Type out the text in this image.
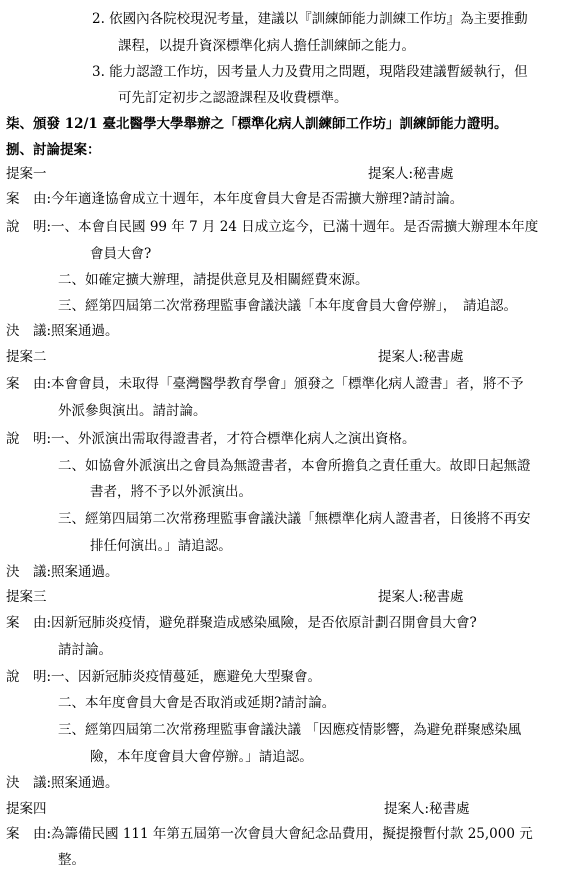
2. 依國內各院校現況考量，建議以『訓練師能力訓練工作坊』為主要推動
課程，以提升資深標準化病人擔任訓練師之能力。
3. 能力認證工作坊，因考量人力及費用之問題，現階段建議暫緩執行，但
可先訂定初步之認證課程及收費標準。
柒、頒發 12/1 臺北醫學大學舉辦之「標準化病人訓練師工作坊」訓練師能力證明。
捌、討論提案：
提案一	提案人:秘書處
案　由:今年適逢協會成立十週年，本年度會員大會是否需擴大辦理?請討論。
說　明:一、本會自民國 99 年 7 月 24 日成立迄今，已滿十週年。是否需擴大辦理本年度
會員大會?
二、如確定擴大辦理，請提供意見及相關經費來源。
三、經第四屆第二次常務理監事會議決議「本年度會員大會停辦」，　請追認。
決　議:照案通過。
提案二	提案人:秘書處
案　由:本會會員，未取得「臺灣醫學教育學會」頒發之「標準化病人證書」者，將不予
外派參與演出。請討論。
說　明:一、外派演出需取得證書者，才符合標準化病人之演出資格。
二、如協會外派演出之會員為無證書者，本會所擔負之責任重大。故即日起無證
書者，將不予以外派演出。
三、經第四屆第二次常務理監事會議決議「無標準化病人證書者，日後將不再安
排任何演出。」請追認。
決　議:照案通過。
提案三	提案人:秘書處
案　由:因新冠肺炎疫情，避免群聚造成感染風險，是否依原計劃召開會員大會?
請討論。
說　明:一、因新冠肺炎疫情蔓延，應避免大型聚會。
二、本年度會員大會是否取消或延期?請討論。
三、經第四屆第二次常務理監事會議決議 「因應疫情影響，為避免群聚感染風
險，本年度會員大會停辦。」請追認。
決　議:照案通過。
提案四	提案人:秘書處
案　由:為籌備民國 111 年第五屆第一次會員大會紀念品費用，擬提撥暫付款 25,000 元
整。
